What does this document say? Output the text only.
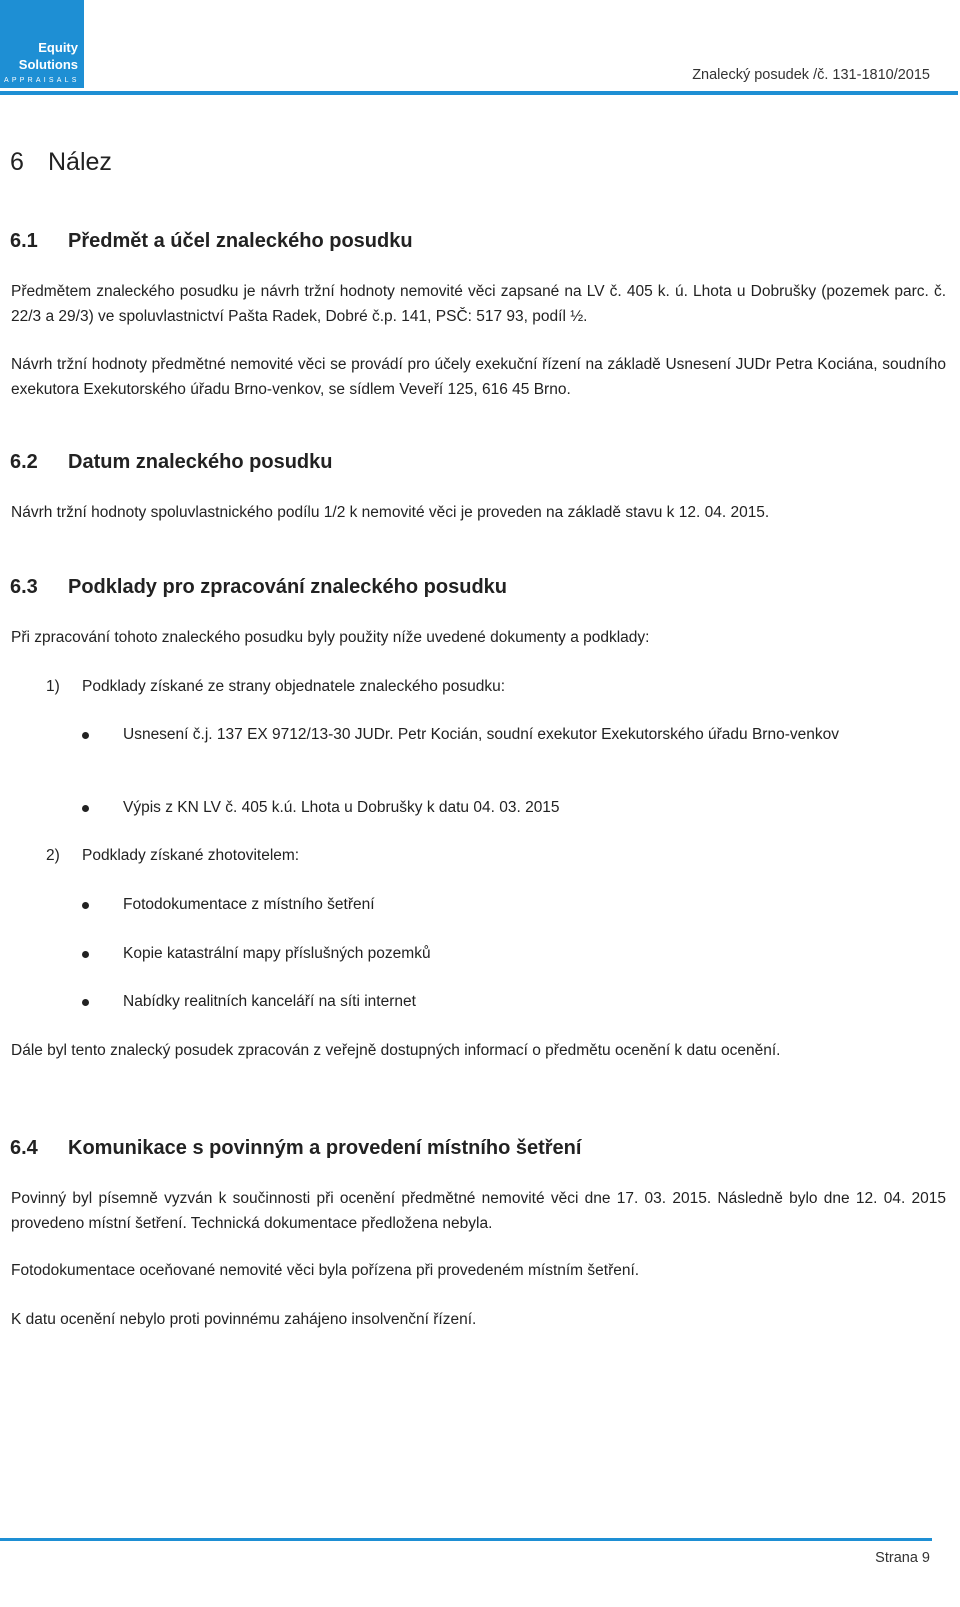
Equity
Solutions
APPRAISALS	Znalecký posudek /č. 131-1810/2015
6 Nález
6.1 Předmět a účel znaleckého posudku

Předmětem znaleckého posudku je návrh tržní hodnoty nemovité věci zapsané na LV č. 405 k. ú. Lhota u Dobrušky (pozemek parc. č. 22/3 a 29/3) ve spoluvlastnictví Pašta Radek, Dobré č.p. 141, PSČ: 517 93, podíl ½.

Návrh tržní hodnoty předmětné nemovité věci se provádí pro účely exekuční řízení na základě Usnesení JUDr Petra Kociána, soudního exekutora Exekutorského úřadu Brno-venkov, se sídlem Veveří 125, 616 45 Brno.

6.2 Datum znaleckého posudku

Návrh tržní hodnoty spoluvlastnického podílu 1/2 k nemovité věci je proveden na základě stavu k 12. 04. 2015.

6.3 Podklady pro zpracování znaleckého posudku

Při zpracování tohoto znaleckého posudku byly použity níže uvedené dokumenty a podklady:

1) Podklady získané ze strany objednatele znaleckého posudku:
Usnesení č.j. 137 EX 9712/13-30 JUDr. Petr Kocián, soudní exekutor Exekutorského úřadu Brno-venkov
Výpis z KN LV č. 405 k.ú. Lhota u Dobrušky k datu 04. 03. 2015
2) Podklady získané zhotovitelem:
Fotodokumentace z místního šetření
Kopie katastrální mapy příslušných pozemků
Nabídky realitních kanceláří na síti internet

Dále byl tento znalecký posudek zpracován z veřejně dostupných informací o předmětu ocenění k datu ocenění.

6.4 Komunikace s povinným a provedení místního šetření

Povinný byl písemně vyzván k součinnosti při ocenění předmětné nemovité věci dne 17. 03. 2015. Následně bylo dne 12. 04. 2015 provedeno místní šetření. Technická dokumentace předložena nebyla.

Fotodokumentace oceňované nemovité věci byla pořízena při provedeném místním šetření.

K datu ocenění nebylo proti povinnému zahájeno insolvenční řízení.

Strana 9
